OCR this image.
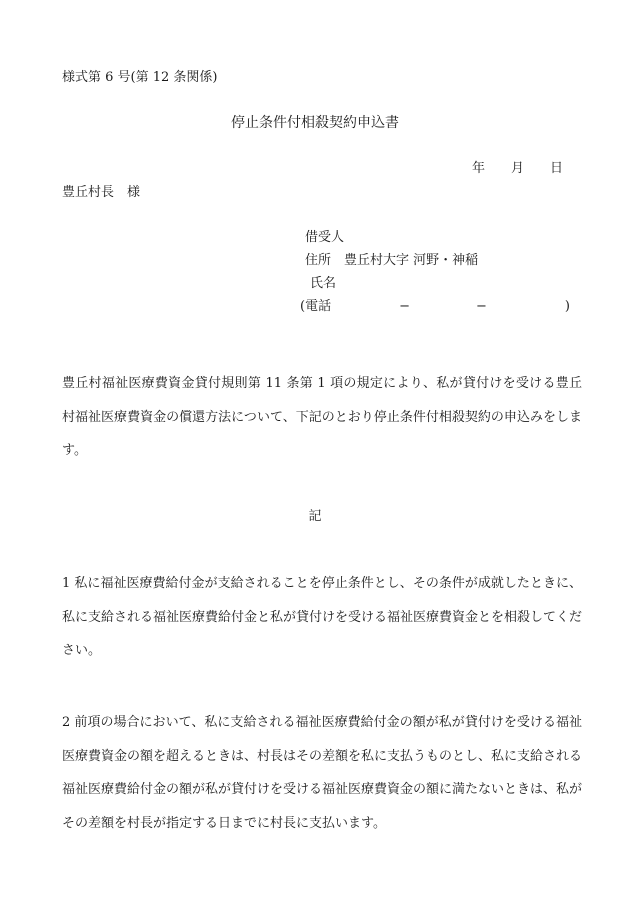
様式第 6 号(第 12 条関係)
停止条件付相殺契約申込書
年 月 日
豊丘村長　様
借受人
住所　 豊丘村大字 河野・神稲
氏名
(電話	−	−	)
豊丘村福祉医療費資金貸付規則第 11 条第 1 項の規定により、私が貸付けを受ける豊丘村福祉医療費資金の償還方法について、下記のとおり停止条件付相殺契約の申込みをします。
記
1 私に福祉医療費給付金が支給されることを停止条件とし、その条件が成就したときに、私に支給される福祉医療費給付金と私が貸付けを受ける福祉医療費資金とを相殺してください。
2 前項の場合において、私に支給される福祉医療費給付金の額が私が貸付けを受ける福祉医療費資金の額を超えるときは、村長はその差額を私に支払うものとし、私に支給される福祉医療費給付金の額が私が貸付けを受ける福祉医療費資金の額に満たないときは、私がその差額を村長が指定する日までに村長に支払います。
